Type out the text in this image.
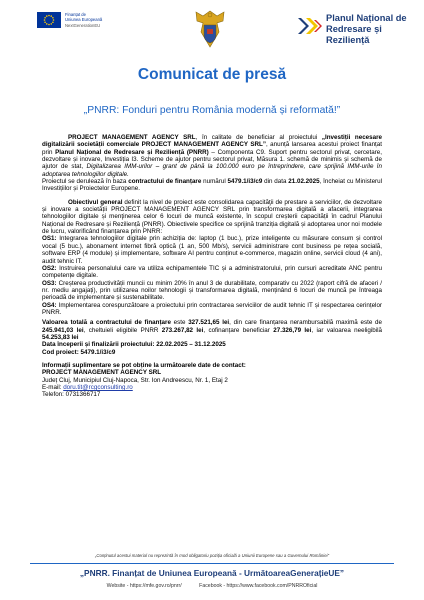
Finanțat de
Uniunea Europeană
NextGenerationEU
Planul Național de
Redresare și Reziliență
Comunicat de presă
„PNRR: Fonduri pentru România modernă și reformată!”

PROJECT MANAGEMENT AGENCY SRL, în calitate de beneficiar al proiectului „Investiții necesare digitalizării societății comerciale PROJECT MANAGEMENT AGENCY SRL”, anunță lansarea acestui proiect finanțat prin Planul Național de Redresare și Reziliență (PNRR) – Componenta C9. Suport pentru sectorul privat, cercetare, dezvoltare și inovare, Investiția I3. Scheme de ajutor pentru sectorul privat, Măsura 1. schemă de minimis și schemă de ajutor de stat, Digitalizarea IMM-urilor – grant de până la 100.000 euro pe întreprindere, care sprijină IMM-urile în adoptarea tehnologiilor digitale.

Proiectul se derulează în baza contractului de finanțare numărul 5479.1/i3/c9 din data 21.02.2025, încheiat cu Ministerul Investițiilor și Proiectelor Europene.

Obiectivul general definit la nivel de proiect este consolidarea capacităţii de prestare a serviciilor, de dezvoltare și inovare a societății PROJECT MANAGEMENT AGENCY SRL prin transformarea digitală a afacerii, integrarea tehnologiilor digitale și menţinerea celor 6 locuri de muncă existente, în scopul creșterii capacității în cadrul Planului Național de Redresare și Reziliență (PNRR). Obiectivele specifice ce sprijină tranziția digitală și adoptarea unor noi modele de lucru, valorificând finanțarea prin PNRR:

OS1: Integrarea tehnologiilor digitale prin achiziția de: laptop (1 buc.), prize inteligente cu măsurare consum și control vocal (5 buc.), abonament internet fibră optică (1 an, 500 Mb/s), servicii administrare cont business pe rețea socială, software ERP (4 module) și implementare, software AI pentru conținut e-commerce, magazin online, servicii cloud (4 ani), audit tehnic IT.

OS2: Instruirea personalului care va utiliza echipamentele TIC și a administratorului, prin cursuri acreditate ANC pentru competențe digitale.

OS3: Creșterea productivității muncii cu minim 20% în anul 3 de durabilitate, comparativ cu 2022 (raport cifră de afaceri / nr. mediu angajați), prin utilizarea noilor tehnologii și transformarea digitală, menținând 6 locuri de muncă pe întreaga perioadă de implementare și sustenabilitate.

OS4: Implementarea corespunzătoare a proiectului prin contractarea serviciilor de audit tehnic IT și respectarea cerințelor PNRR.

Valoarea totală a contractului de finanțare este 327.521,65 lei, din care finanțarea nerambursabilă maximă este de 245.941,03 lei, cheltuieli eligibile PNRR 273.267,82 lei, cofinanțare beneficiar 27.326,79 lei, iar valoarea neeligibilă 54.253,83 lei

Data începerii și finalizării proiectului: 22.02.2025 – 31.12.2025

Cod proiect: 5479.1/i3/c9

Informații suplimentare se pot obține la următoarele date de contact:

PROJECT MANAGEMENT AGENCY SRL

Județ Cluj, Municipiul Cluj-Napoca, Str. Ion Andreescu, Nr. 1, Etaj 2

E-mail: doru.tit@rcgconsulting.ro

Telefon: 0731366717

„Conținutul acestui material nu reprezintă în mod obligatoriu poziția oficială a Uniunii Europene sau a Guvernului României”
„PNRR. Finanțat de Uniunea Europeană - UrmătoareaGenerațieUE”
Website - https://mfe.gov.ro/pnrr/	Facebook - https://www.facebook.com/PNRROficial
